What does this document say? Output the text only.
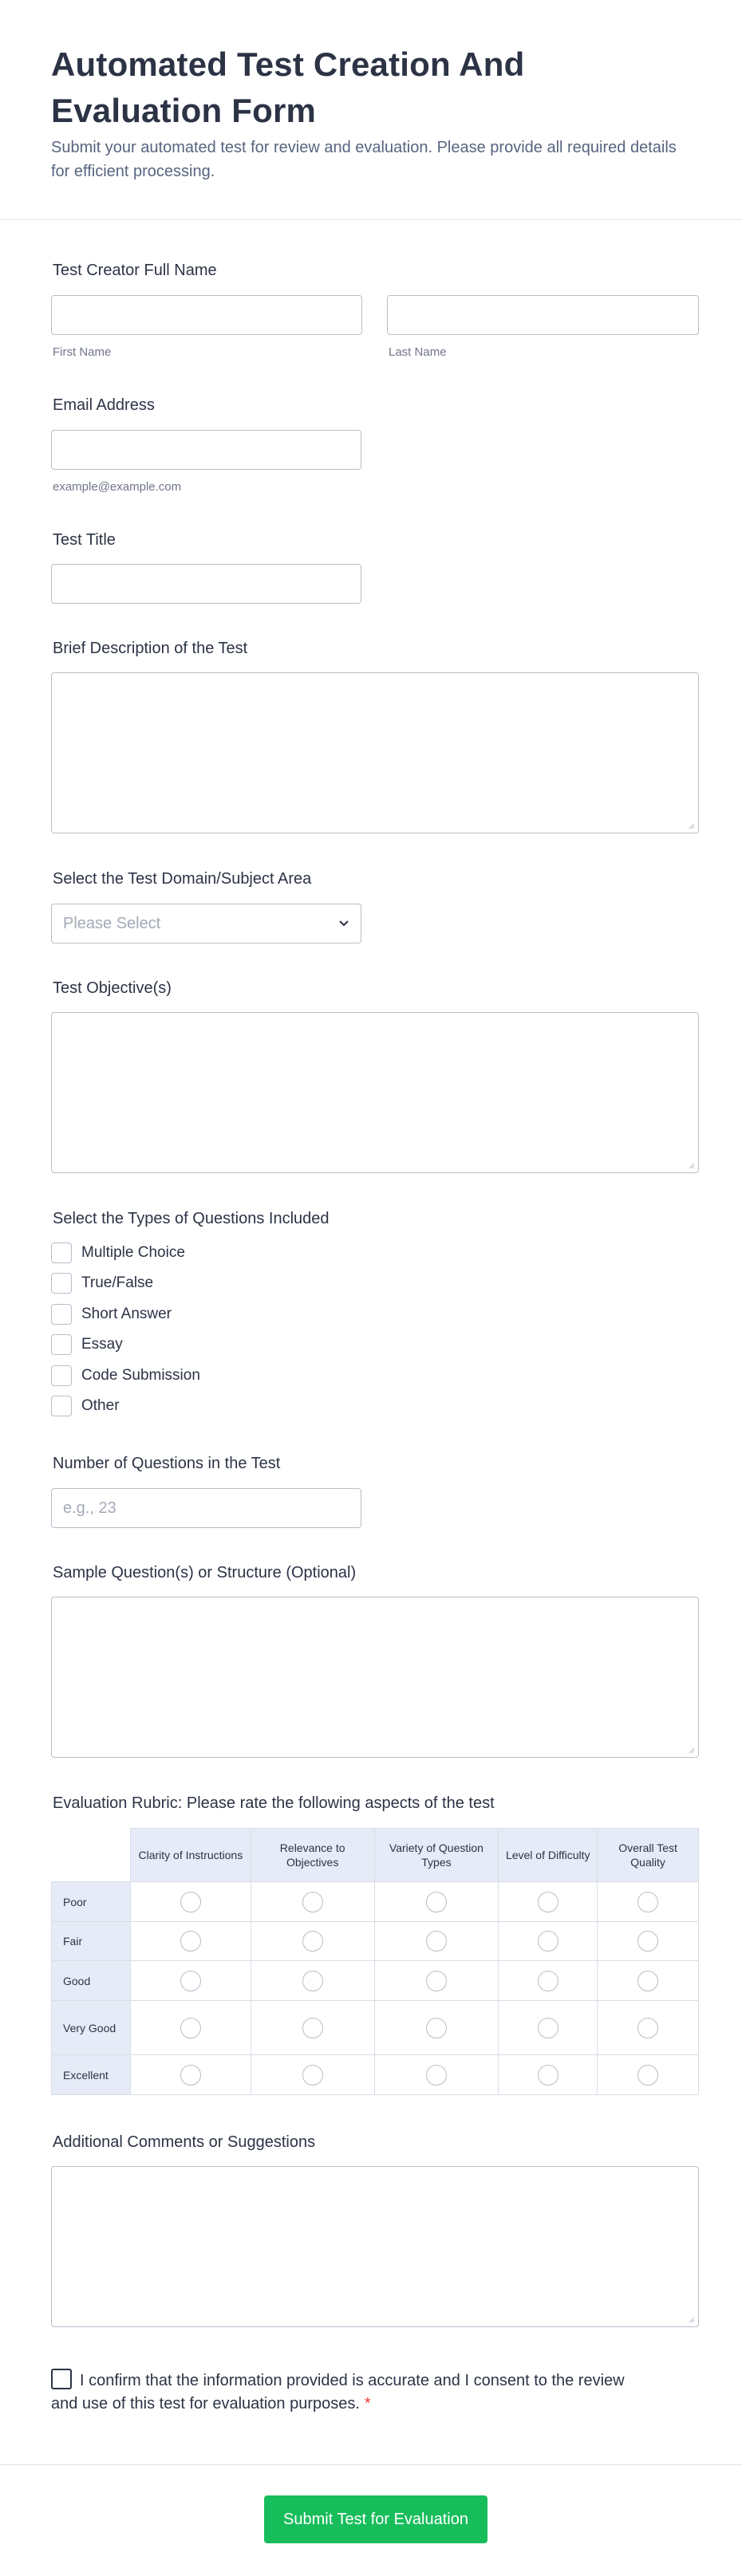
Automated Test Creation And Evaluation Form
Submit your automated test for review and evaluation. Please provide all required details for efficient processing.
Test Creator Full Name
First Name	Last Name
Email Address
example@example.com
Test Title
Brief Description of the Test
Select the Test Domain/Subject Area
Please Select
Test Objective(s)
Select the Types of Questions Included
Multiple Choice
True/False
Short Answer
Essay
Code Submission
Other
Number of Questions in the Test
e.g., 23
Sample Question(s) or Structure (Optional)
Evaluation Rubric: Please rate the following aspects of the test
	Clarity of Instructions	Relevance to Objectives	Variety of Question Types	Level of Difficulty	Overall Test Quality
Poor					
Fair					
Good					
Very Good					
Excellent					
Additional Comments or Suggestions
I confirm that the information provided is accurate and I consent to the review and use of this test for evaluation purposes. *
Submit Test for Evaluation
